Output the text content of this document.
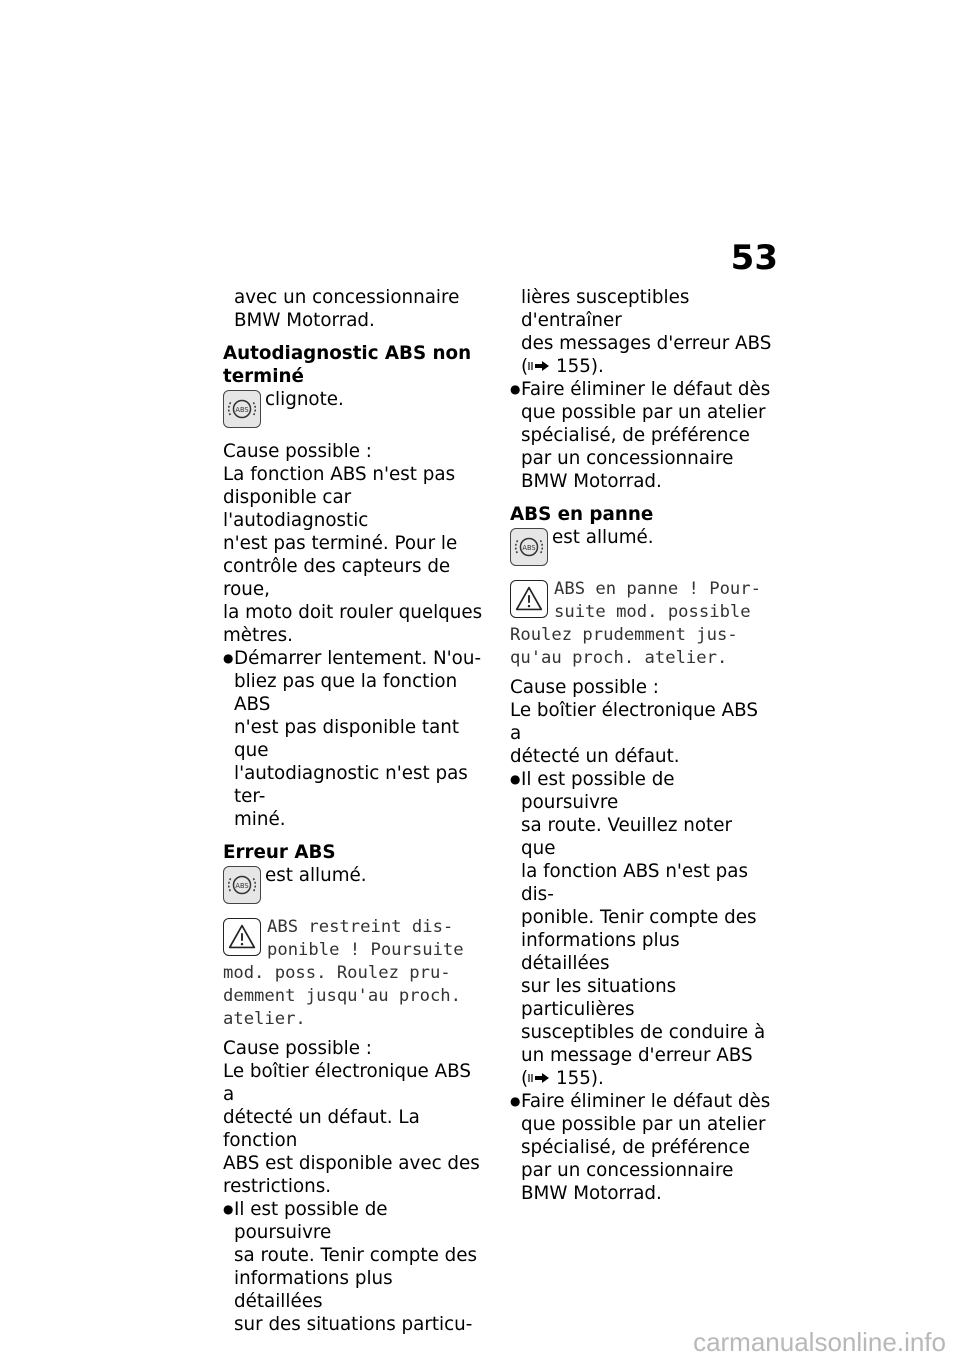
53
avec un concessionnaire
BMW Motorrad.
Autodiagnostic ABS non
terminé
ABS clignote.
Cause possible :
La fonction ABS n'est pas
disponible car l'autodiagnostic
n'est pas terminé. Pour le
contrôle des capteurs de roue,
la moto doit rouler quelques
mètres.
● Démarrer lentement. N'ou-
bliez pas que la fonction ABS
n'est pas disponible tant que
l'autodiagnostic n'est pas ter-
miné.
Erreur ABS
ABS est allumé.
ABS restreint dis-
ponible ! Poursuite
mod. poss. Roulez pru-
demment jusqu'au proch.
atelier.
Cause possible :
Le boîtier électronique ABS a
détecté un défaut. La fonction
ABS est disponible avec des
restrictions.
● Il est possible de poursuivre
sa route. Tenir compte des
informations plus détaillées
sur des situations particu-
lières susceptibles d'entraîner
des messages d'erreur ABS
( 155).
● Faire éliminer le défaut dès
que possible par un atelier
spécialisé, de préférence
par un concessionnaire
BMW Motorrad.
ABS en panne
ABS est allumé.
ABS en panne ! Pour-
suite mod. possible
Roulez prudemment jus-
qu'au proch. atelier.
Cause possible :
Le boîtier électronique ABS a
détecté un défaut.
● Il est possible de poursuivre
sa route. Veuillez noter que
la fonction ABS n'est pas dis-
ponible. Tenir compte des
informations plus détaillées
sur les situations particulières
susceptibles de conduire à
un message d'erreur ABS
( 155).
● Faire éliminer le défaut dès
que possible par un atelier
spécialisé, de préférence
par un concessionnaire
BMW Motorrad.
carmanualsonline.info
